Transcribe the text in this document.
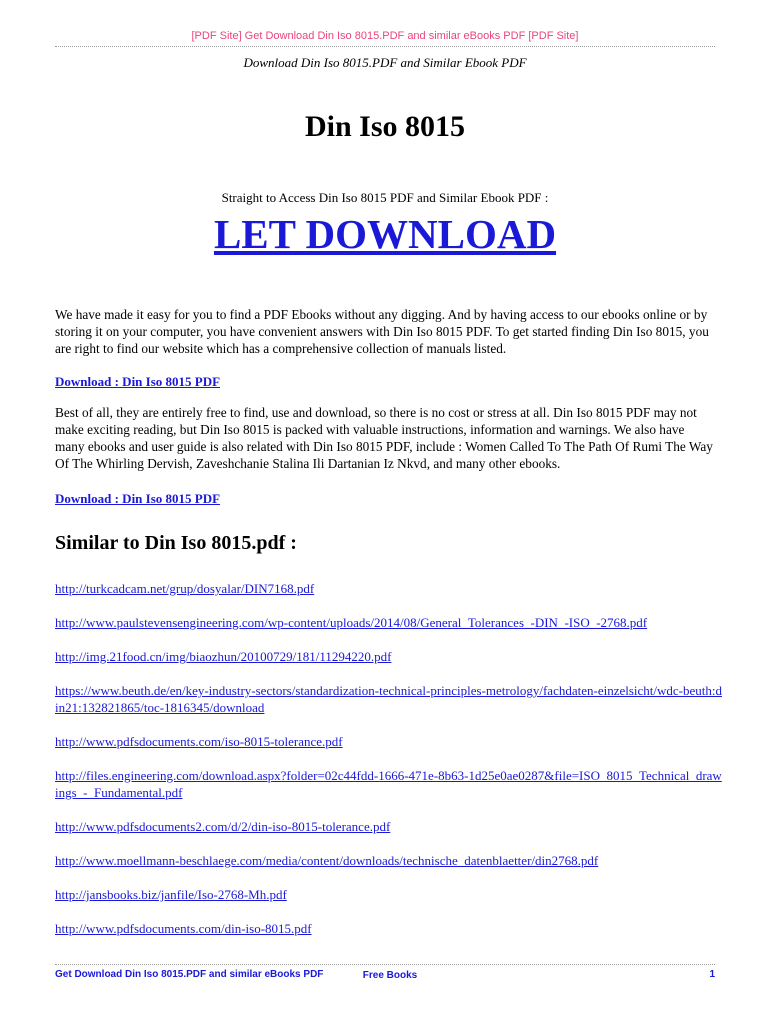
[PDF Site] Get Download Din Iso 8015.PDF and similar eBooks PDF [PDF Site]
Download Din Iso 8015.PDF and Similar Ebook PDF
Din Iso 8015
Straight to Access Din Iso 8015 PDF and Similar Ebook PDF :
LET DOWNLOAD

We have made it easy for you to find a PDF Ebooks without any digging. And by having access to our ebooks online or by storing it on your computer, you have convenient answers with Din Iso 8015 PDF. To get started finding Din Iso 8015, you are right to find our website which has a comprehensive collection of manuals listed.

Download : Din Iso 8015 PDF

Best of all, they are entirely free to find, use and download, so there is no cost or stress at all. Din Iso 8015 PDF may not make exciting reading, but Din Iso 8015 is packed with valuable instructions, information and warnings. We also have many ebooks and user guide is also related with Din Iso 8015 PDF, include : Women Called To The Path Of Rumi The Way Of The Whirling Dervish, Zaveshchanie Stalina Ili Dartanian Iz Nkvd, and many other ebooks.

Download : Din Iso 8015 PDF
Similar to Din Iso 8015.pdf :
http://turkcadcam.net/grup/dosyalar/DIN7168.pdf
http://www.paulstevensengineering.com/wp-content/uploads/2014/08/General_Tolerances_-DIN_-ISO_-2768.pdf
http://img.21food.cn/img/biaozhun/20100729/181/11294220.pdf
https://www.beuth.de/en/key-industry-sectors/standardization-technical-principles-metrology/fachdaten-einzelsicht/wdc-beuth:din21:132821865/toc-1816345/download
http://www.pdfsdocuments.com/iso-8015-tolerance.pdf
http://files.engineering.com/download.aspx?folder=02c44fdd-1666-471e-8b63-1d25e0ae0287&file=ISO_8015_Technical_drawings_-_Fundamental.pdf
http://www.pdfsdocuments2.com/d/2/din-iso-8015-tolerance.pdf
http://www.moellmann-beschlaege.com/media/content/downloads/technische_datenblaetter/din2768.pdf
http://jansbooks.biz/janfile/Iso-2768-Mh.pdf
http://www.pdfsdocuments.com/din-iso-8015.pdf
Get Download Din Iso 8015.PDF and similar eBooks PDF	Free Books	1
